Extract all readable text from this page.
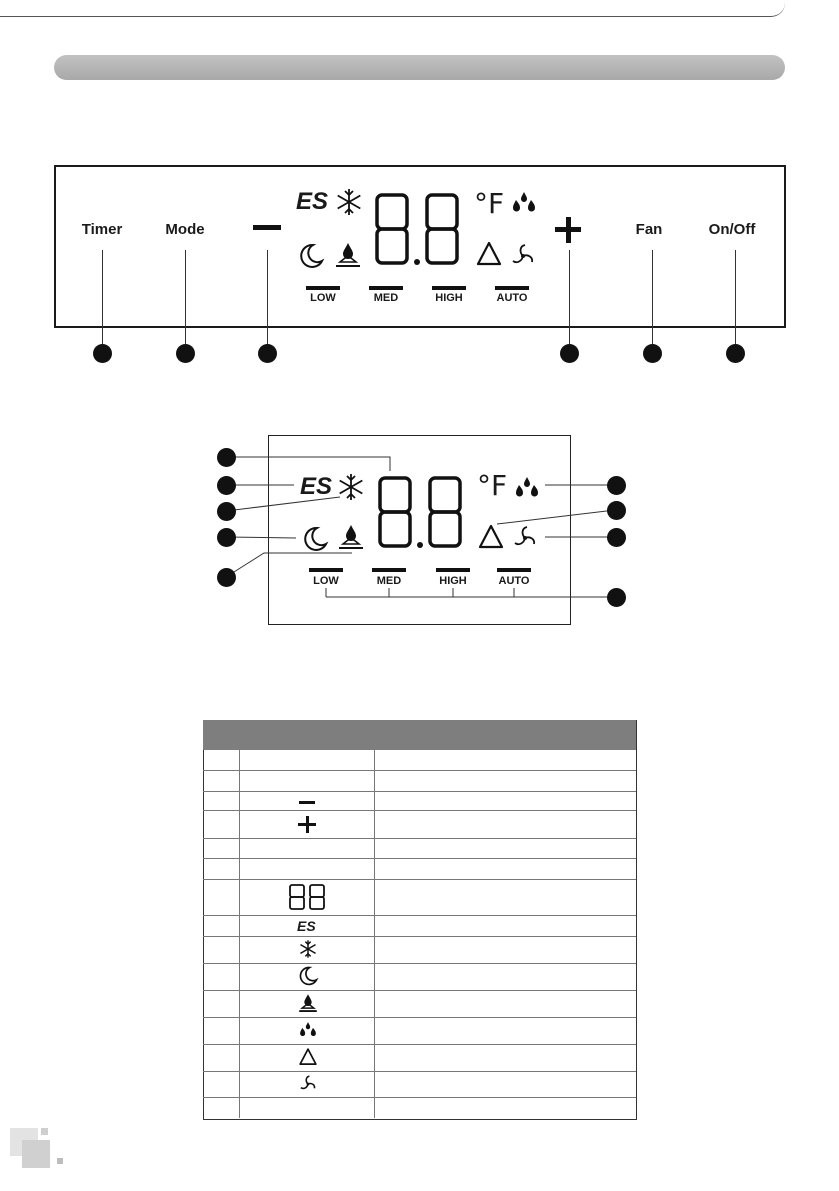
Timer	Mode	Fan	On/Off
ES	°F
LOW	MED	HIGH	AUTO
ES	°F
LOW	MED	HIGH	AUTO
ES
